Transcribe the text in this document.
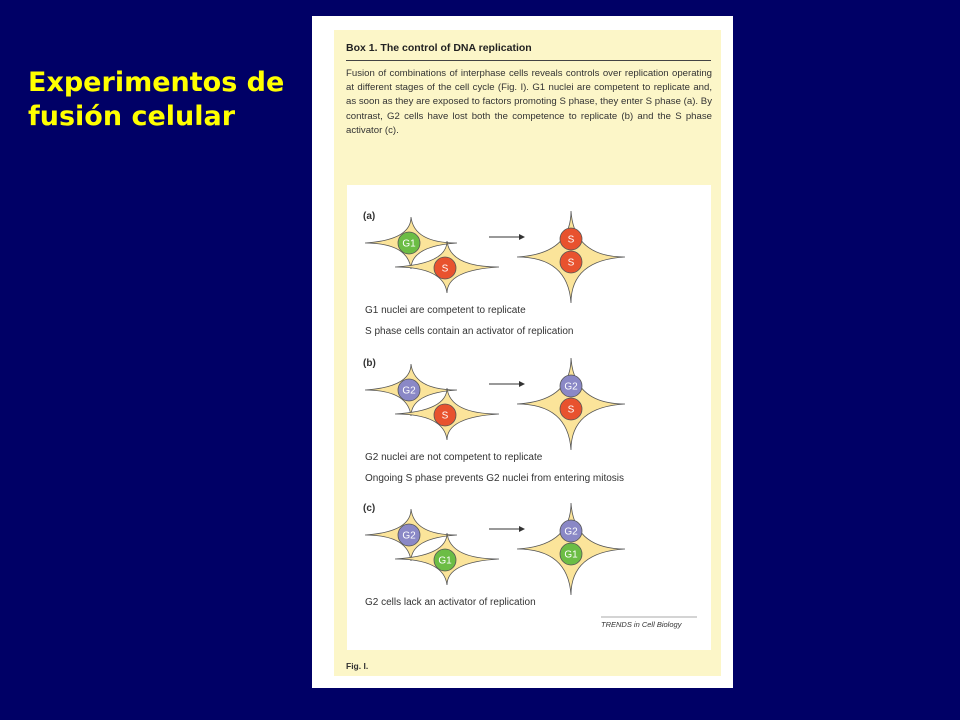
Experimentos de
fusión celular
Box 1. The control of DNA replication
Fusion of combinations of interphase cells reveals controls over replication operating at different stages of the cell cycle (Fig. I). G1 nuclei are competent to replicate and, as soon as they are exposed to factors promoting S phase, they enter S phase (a). By contrast, G2 cells have lost both the competence to replicate (b) and the S phase activator (c).
(a)
G1
S
S
S
G1 nuclei are competent to replicate
S phase cells contain an activator of replication
(b)
G2
S
G2
S
G2 nuclei are not competent to replicate
Ongoing S phase prevents G2 nuclei from entering mitosis
(c)
G2
G1
G2
G1
G2 cells lack an activator of replication
TRENDS in Cell Biology
Fig. I.
